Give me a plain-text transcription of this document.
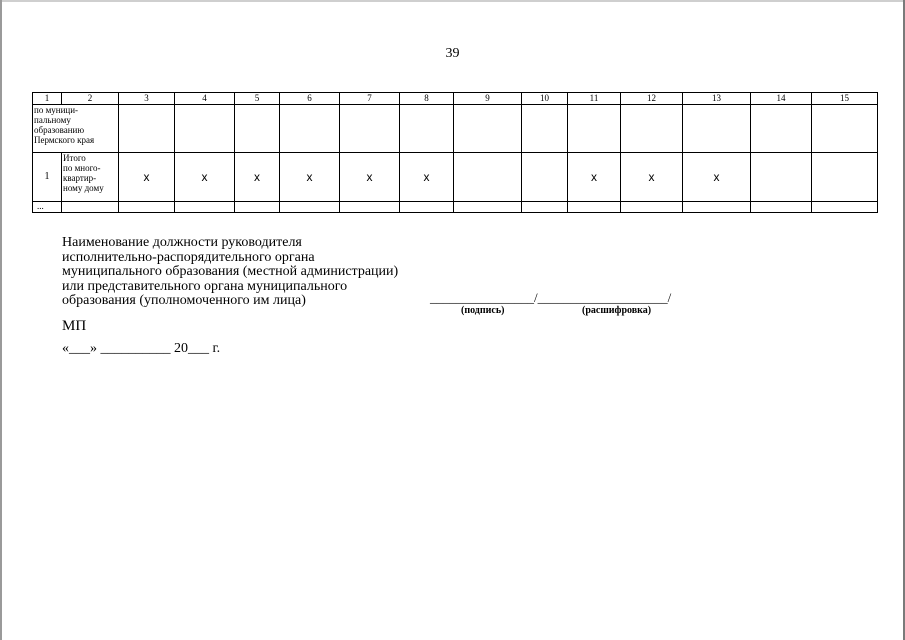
39
1	2	3	4	5	6	7	8	9	10	11	12	13	14	15

по муници-
пальному
образованию
Пермского края														

1	Итого
по много-
квартир-
ному дому	x	x	x	x	x	x			x	x	x		

...														

Наименование должности руководителя
исполнительно-распорядительного органа
муниципального образования (местной администрации)
или представительного органа муниципального
образования (уполномоченного им лица)	________________/____________________/
(подпись)	(расшифровка)
МП
«___» __________ 20___ г.
